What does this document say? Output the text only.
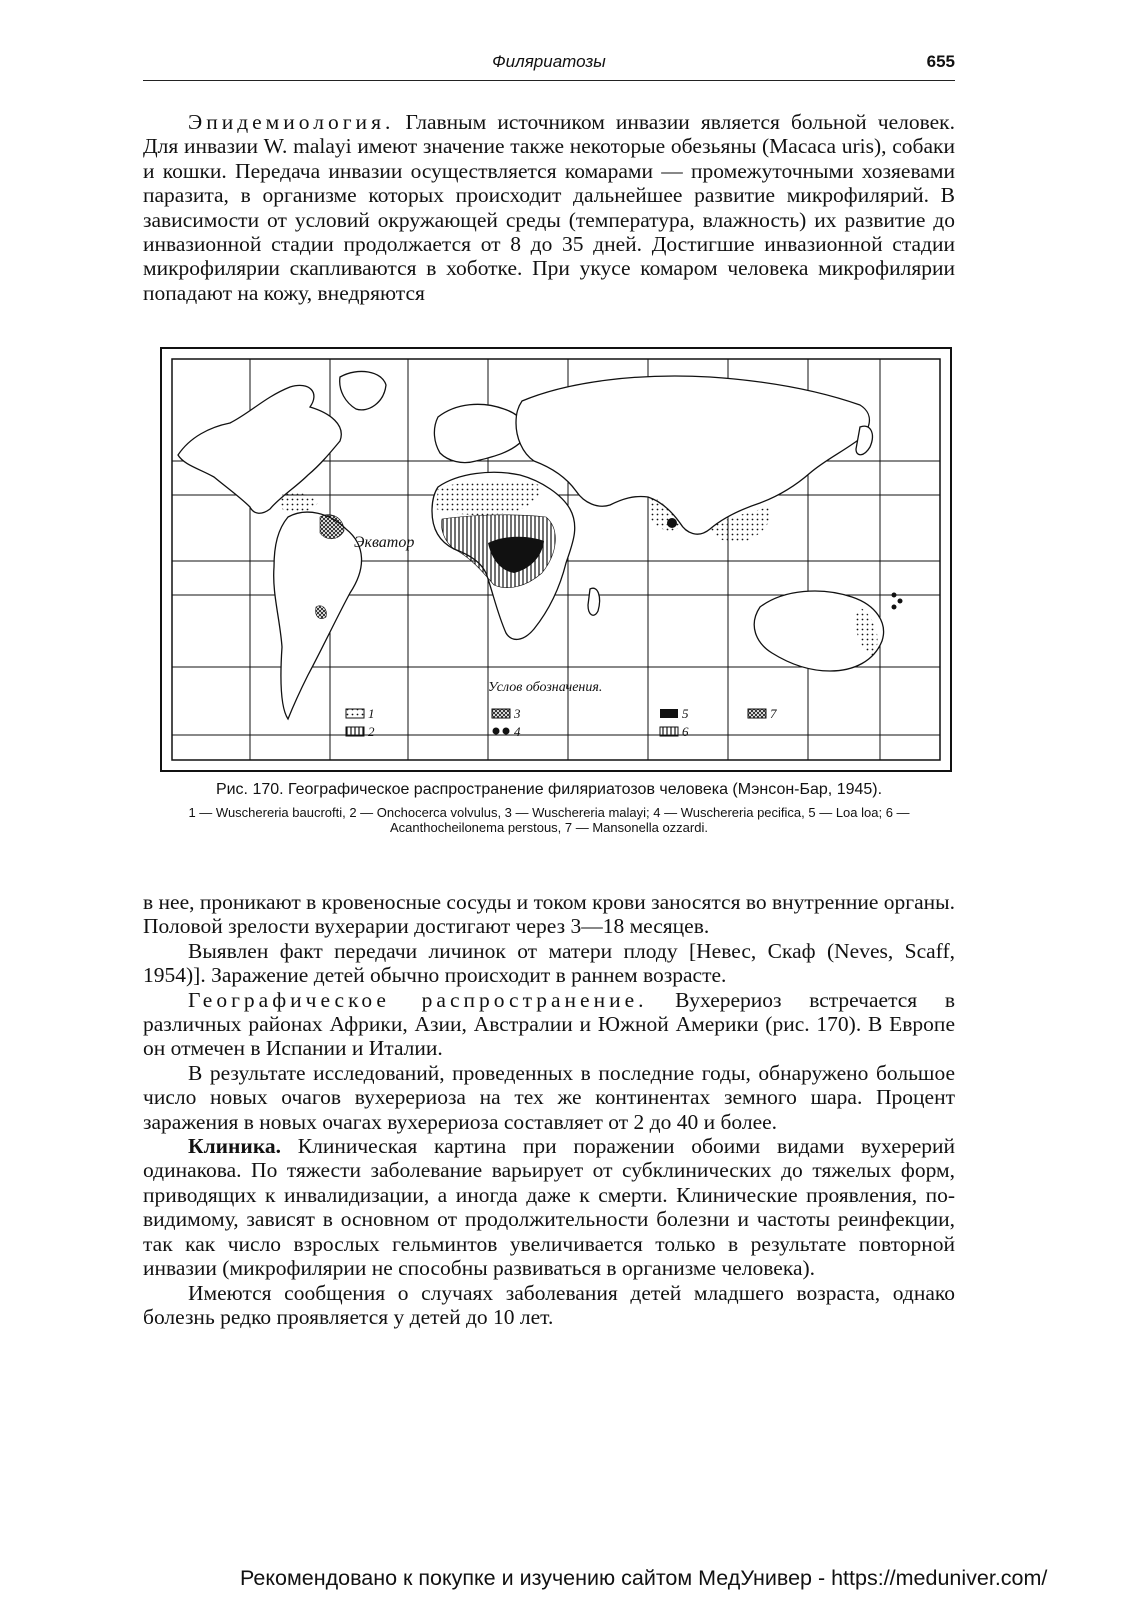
Филяриатозы	655

Эпидемиология. Главным источником инвазии является больной человек. Для инвазии W. malayi имеют значение также некоторые обезьяны (Macaca uris), собаки и кошки. Передача инвазии осуществляется комарами — промежуточными хозяевами паразита, в организме которых происходит дальнейшее развитие микрофилярий. В зависимости от условий окружающей среды (температура, влажность) их развитие до инвазионной стадии продолжается от 8 до 35 дней. Достигшие инвазионной стадии микрофилярии скапливаются в хоботке. При укусе комаром человека микрофилярии попадают на кожу, внедряются

Экватор
Услов обозначения.
1
2
3
4
5
6
7
Рис. 170. Географическое распространение филяриатозов человека (Мэнсон-Бар, 1945).
1 — Wuschereria baucrofti, 2 — Onchocerca volvulus, 3 — Wuschereria malayi; 4 — Wuschereria pecifica, 5 — Loa loa; 6 — Acanthocheilonema perstous, 7 — Mansonella ozzardi.

в нее, проникают в кровеносные сосуды и током крови заносятся во внутренние органы. Половой зрелости вухерарии достигают через 3—18 месяцев.

Выявлен факт передачи личинок от матери плоду [Невес, Скаф (Neves, Scaff, 1954)]. Заражение детей обычно происходит в раннем возрасте.

Географическое распространение. Вухерериоз встречается в различных районах Африки, Азии, Австралии и Южной Америки (рис. 170). В Европе он отмечен в Испании и Италии.

В результате исследований, проведенных в последние годы, обнаружено большое число новых очагов вухерериоза на тех же континентах земного шара. Процент заражения в новых очагах вухерериоза составляет от 2 до 40 и более.

Клиника. Клиническая картина при поражении обоими видами вухерерий одинакова. По тяжести заболевание варьирует от субклинических до тяжелых форм, приводящих к инвалидизации, а иногда даже к смерти. Клинические проявления, по-видимому, зависят в основном от продолжительности болезни и частоты реинфекции, так как число взрослых гельминтов увеличивается только в результате повторной инвазии (микрофилярии не способны развиваться в организме человека).

Имеются сообщения о случаях заболевания детей младшего возраста, однако болезнь редко проявляется у детей до 10 лет.

Рекомендовано к покупке и изучению сайтом МедУнивер - https://meduniver.com/
